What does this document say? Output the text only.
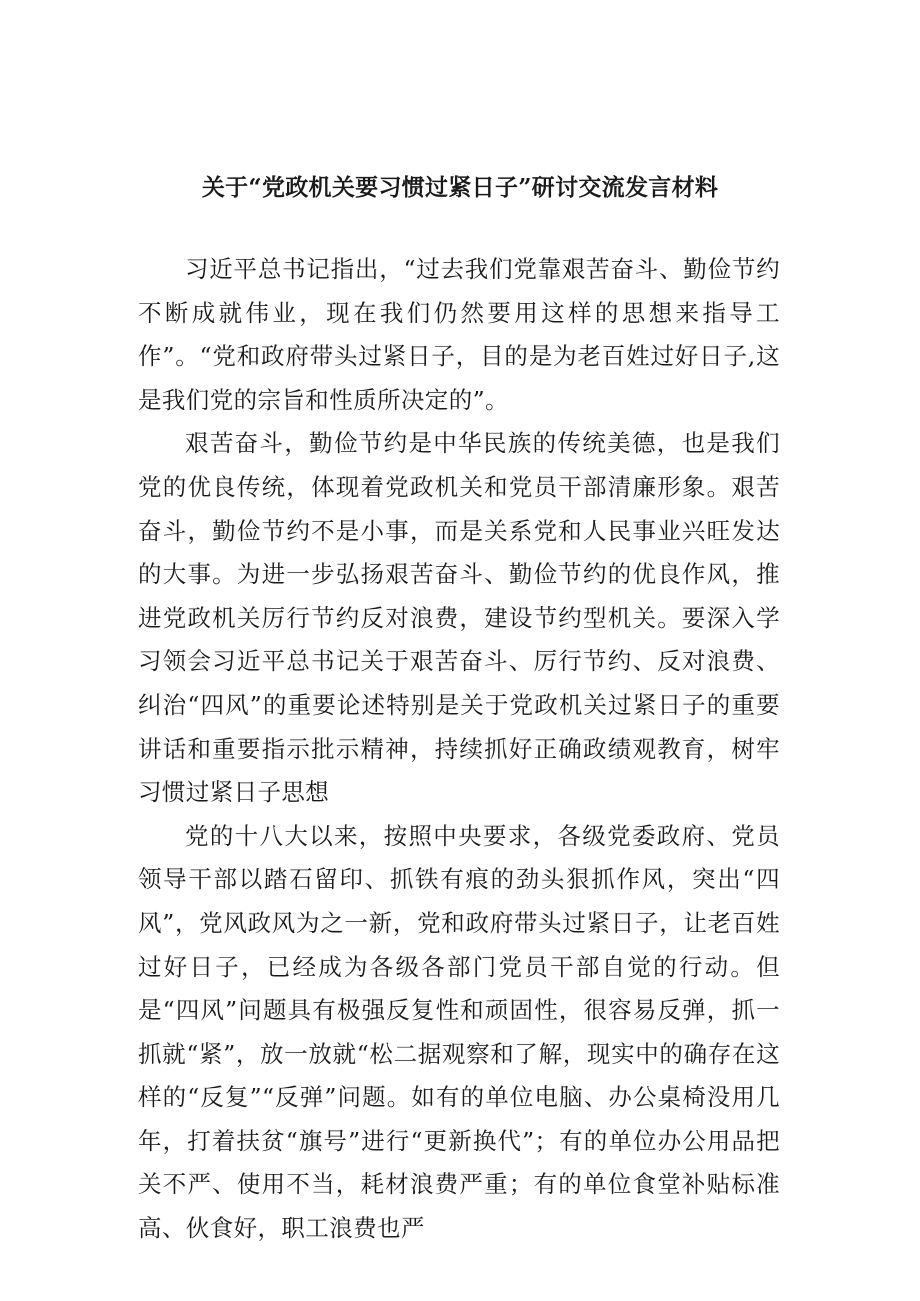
关于“党政机关要习惯过紧日子”研讨交流发言材料

习近平总书记指出，“过去我们党靠艰苦奋斗、勤俭节约不断成就伟业，现在我们仍然要用这样的思想来指导工作”。“党和政府带头过紧日子，目的是为老百姓过好日子,这是我们党的宗旨和性质所决定的”。

艰苦奋斗，勤俭节约是中华民族的传统美德，也是我们党的优良传统，体现着党政机关和党员干部清廉形象。艰苦奋斗，勤俭节约不是小事，而是关系党和人民事业兴旺发达的大事。为进一步弘扬艰苦奋斗、勤俭节约的优良作风，推进党政机关厉行节约反对浪费，建设节约型机关。要深入学习领会习近平总书记关于艰苦奋斗、厉行节约、反对浪费、纠治“四风”的重要论述特别是关于党政机关过紧日子的重要讲话和重要指示批示精神，持续抓好正确政绩观教育，树牢习惯过紧日子思想

党的十八大以来，按照中央要求，各级党委政府、党员领导干部以踏石留印、抓铁有痕的劲头狠抓作风，突出“四风”，党风政风为之一新，党和政府带头过紧日子，让老百姓过好日子，已经成为各级各部门党员干部自觉的行动。但是“四风”问题具有极强反复性和顽固性，很容易反弹，抓一抓就“紧”，放一放就“松二据观察和了解，现实中的确存在这样的“反复”“反弹”问题。如有的单位电脑、办公桌椅没用几年，打着扶贫“旗号”进行“更新换代”；有的单位办公用品把关不严、使用不当，耗材浪费严重；有的单位食堂补贴标准高、伙食好，职工浪费也严
